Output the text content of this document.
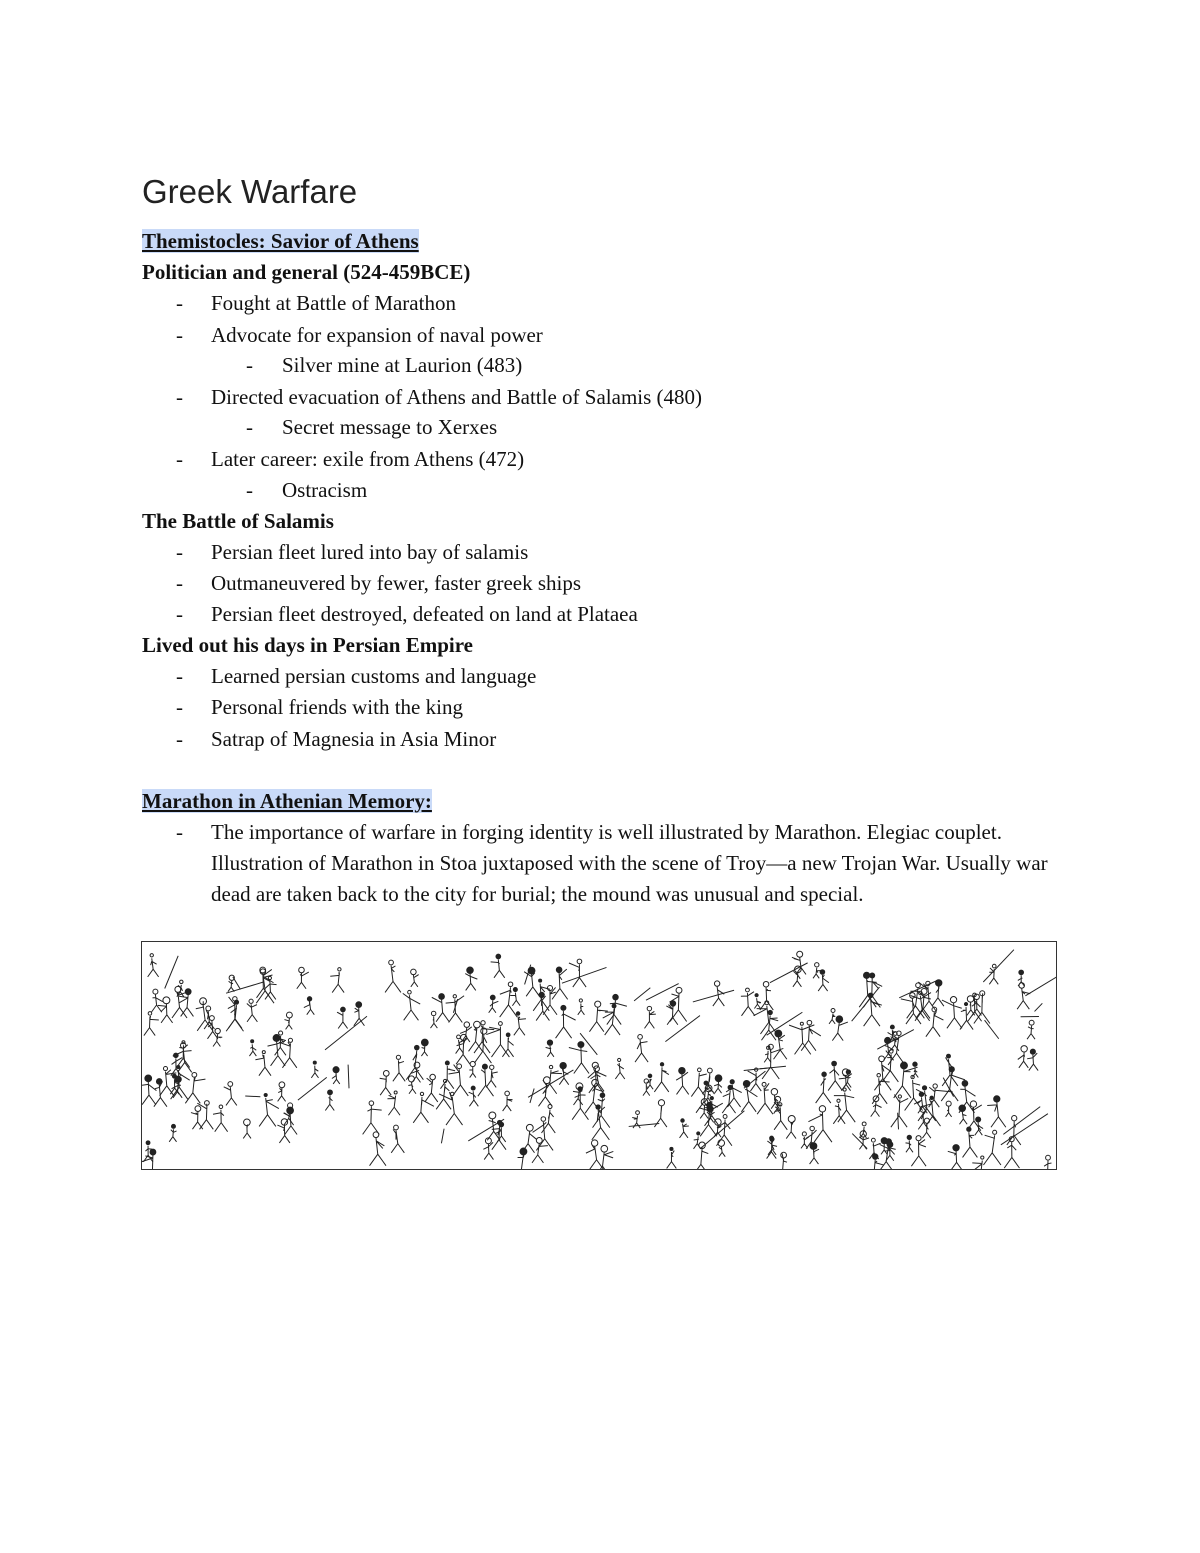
Greek Warfare
Themistocles: Savior of Athens
Politician and general (524-459BCE)
-	Fought at Battle of Marathon
-	Advocate for expansion of naval power
-	Silver mine at Laurion (483)
-	Directed evacuation of Athens and Battle of Salamis (480)
-	Secret message to Xerxes
-	Later career: exile from Athens (472)
-	Ostracism
The Battle of Salamis
-	Persian fleet lured into bay of salamis
-	Outmaneuvered by fewer, faster greek ships
-	Persian fleet destroyed, defeated on land at Plataea
Lived out his days in Persian Empire
-	Learned persian customs and language
-	Personal friends with the king
-	Satrap of Magnesia in Asia Minor
Marathon in Athenian Memory:
- The importance of warfare in forging identity is well illustrated by Marathon. Elegiac couplet. Illustration of Marathon in Stoa juxtaposed with the scene of Troy—a new Trojan War. Usually war dead are taken back to the city for burial; the mound was unusual and special.
